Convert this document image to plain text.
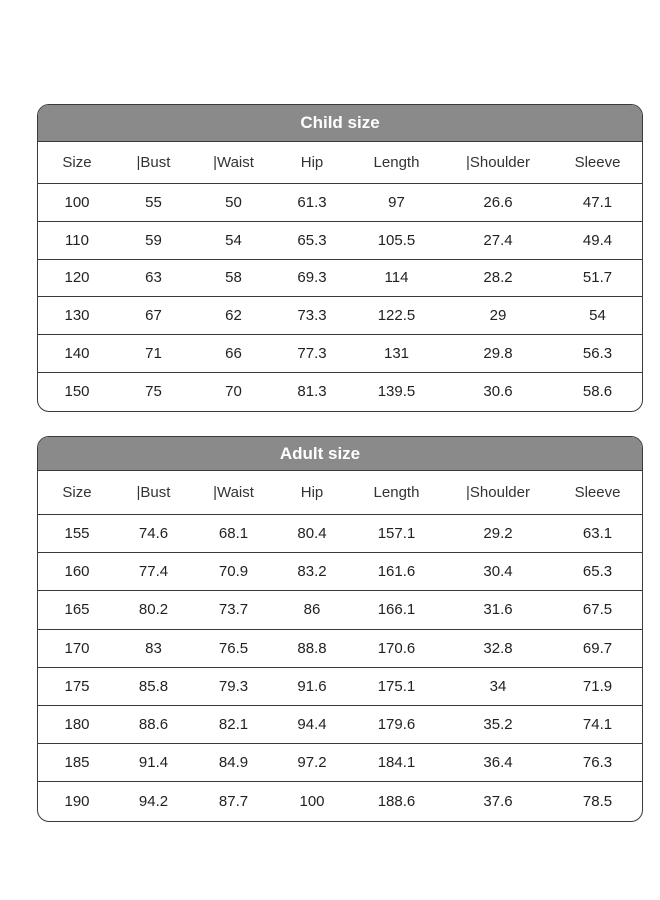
Child size
Size	|Bust	|Waist	Hip	Length	|Shoulder	Sleeve
100	55	50	61.3	97	26.6	47.1
110	59	54	65.3	105.5	27.4	49.4
120	63	58	69.3	114	28.2	51.7
130	67	62	73.3	122.5	29	54
140	71	66	77.3	131	29.8	56.3
150	75	70	81.3	139.5	30.6	58.6
Adult size
Size	|Bust	|Waist	Hip	Length	|Shoulder	Sleeve
155	74.6	68.1	80.4	157.1	29.2	63.1
160	77.4	70.9	83.2	161.6	30.4	65.3
165	80.2	73.7	86	166.1	31.6	67.5
170	83	76.5	88.8	170.6	32.8	69.7
175	85.8	79.3	91.6	175.1	34	71.9
180	88.6	82.1	94.4	179.6	35.2	74.1
185	91.4	84.9	97.2	184.1	36.4	76.3
190	94.2	87.7	100	188.6	37.6	78.5
